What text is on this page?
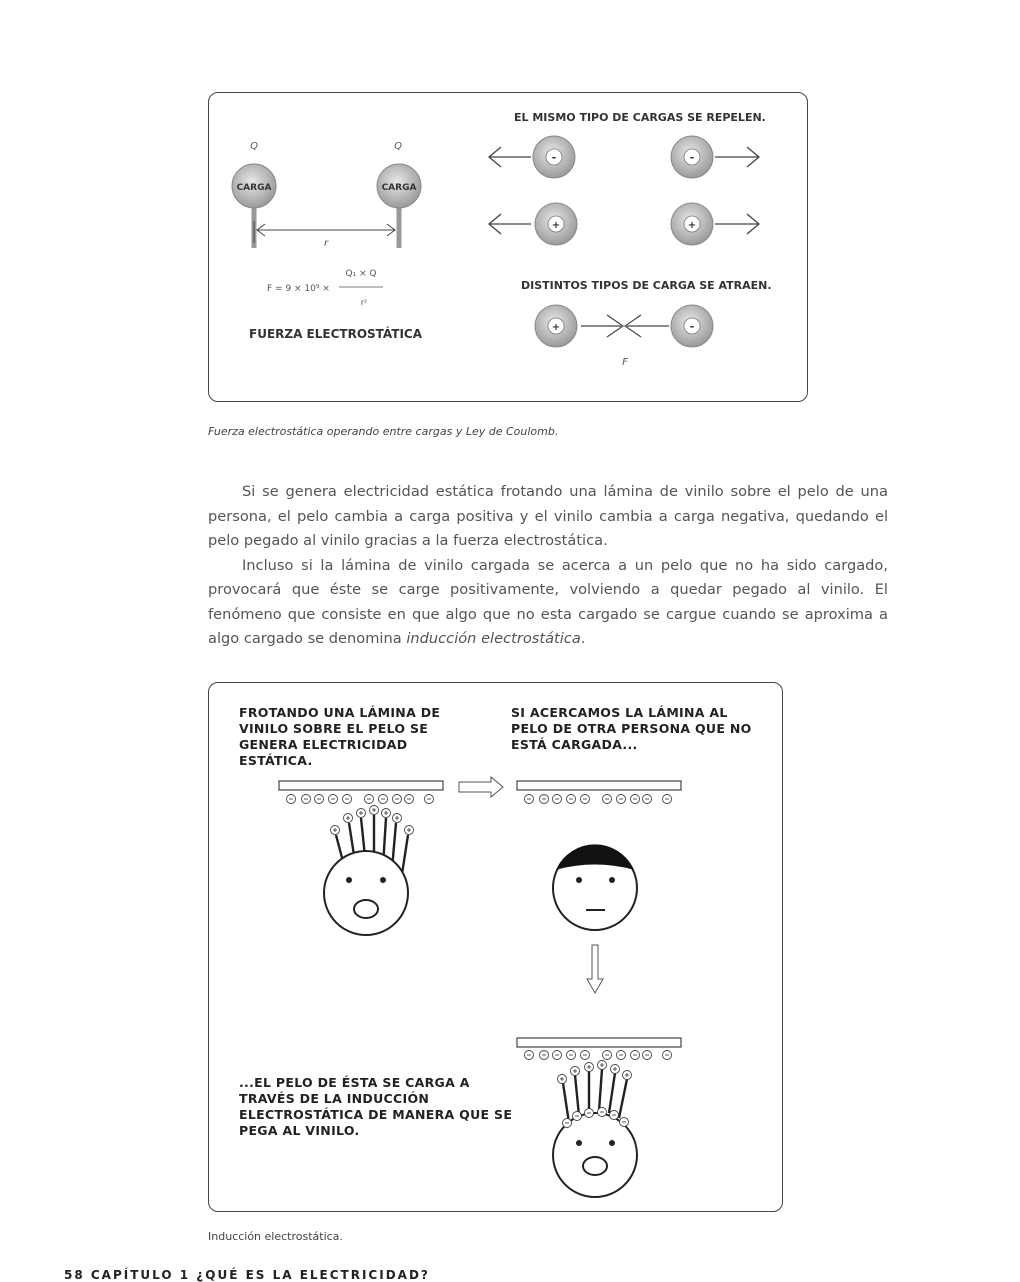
Q	Q
CARGA	CARGA
r
Q₁ × Q
F = 9 × 10⁹ ×
r²
FUERZA ELECTROSTÁTICA
EL MISMO TIPO DE CARGAS SE REPELEN.
-	-
+	+
DISTINTOS TIPOS DE CARGA SE ATRAEN.
+	-
F
Fuerza electrostática operando entre cargas y Ley de Coulomb.

Si se genera electricidad estática frotando una lámina de vinilo sobre el pelo de una persona, el pelo cambia a carga positiva y el vinilo cambia a carga negativa, quedando el pelo pegado al vinilo gracias a la fuerza electrostática.

Incluso si la lámina de vinilo cargada se acerca a un pelo que no ha sido cargado, provocará que éste se carge positivamente, volviendo a quedar pegado al vinilo. El fenómeno que consiste en que algo que no esta cargado se cargue cuando se aproxima a algo cargado se denomina inducción electrostática.

FROTANDO UNA LÁMINA DE VINILO SOBRE EL PELO SE GENERA ELECTRICIDAD ESTÁTICA.
SI ACERCAMOS LA LÁMINA AL PELO DE OTRA PERSONA QUE NO ESTÁ CARGADA...
...EL PELO DE ÉSTA SE CARGA A TRAVÉS DE LA INDUCCIÓN ELECTROSTÁTICA DE MANERA QUE SE PEGA AL VINILO.
Inducción electrostática.
58 CAPÍTULO 1 ¿QUÉ ES LA ELECTRICIDAD?
